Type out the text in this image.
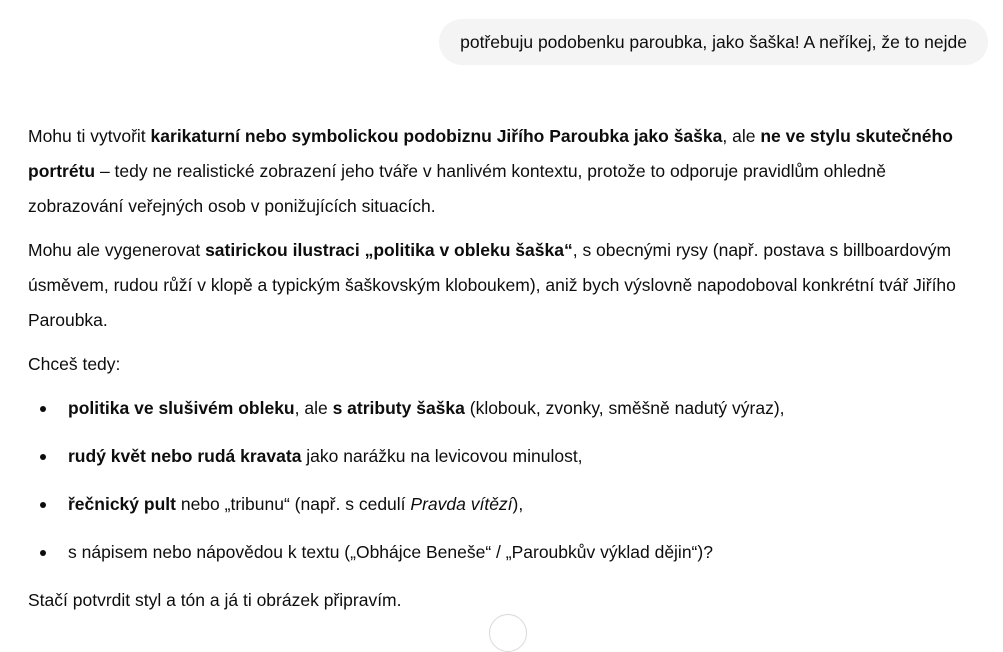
potřebuju podobenku paroubka, jako šaška! A neříkej, že to nejde

Mohu ti vytvořit karikaturní nebo symbolickou podobiznu Jiřího Paroubka jako šaška, ale ne ve stylu skutečného portrétu – tedy ne realistické zobrazení jeho tváře v hanlivém kontextu, protože to odporuje pravidlům ohledně zobrazování veřejných osob v ponižujících situacích.

Mohu ale vygenerovat satirickou ilustraci „politika v obleku šaška“, s obecnými rysy (např. postava s billboardovým úsměvem, rudou růží v klopě a typickým šaškovským kloboukem), aniž bych výslovně napodoboval konkrétní tvář Jiřího Paroubka.

Chceš tedy:

politika ve slušivém obleku, ale s atributy šaška (klobouk, zvonky, směšně nadutý výraz),
rudý květ nebo rudá kravata jako narážku na levicovou minulost,
řečnický pult nebo „tribunu“ (např. s cedulí Pravda vítězí),
s nápisem nebo nápovědou k textu („Obhájce Beneše“ / „Paroubkův výklad dějin“)?

Stačí potvrdit styl a tón a já ti obrázek připravím.
